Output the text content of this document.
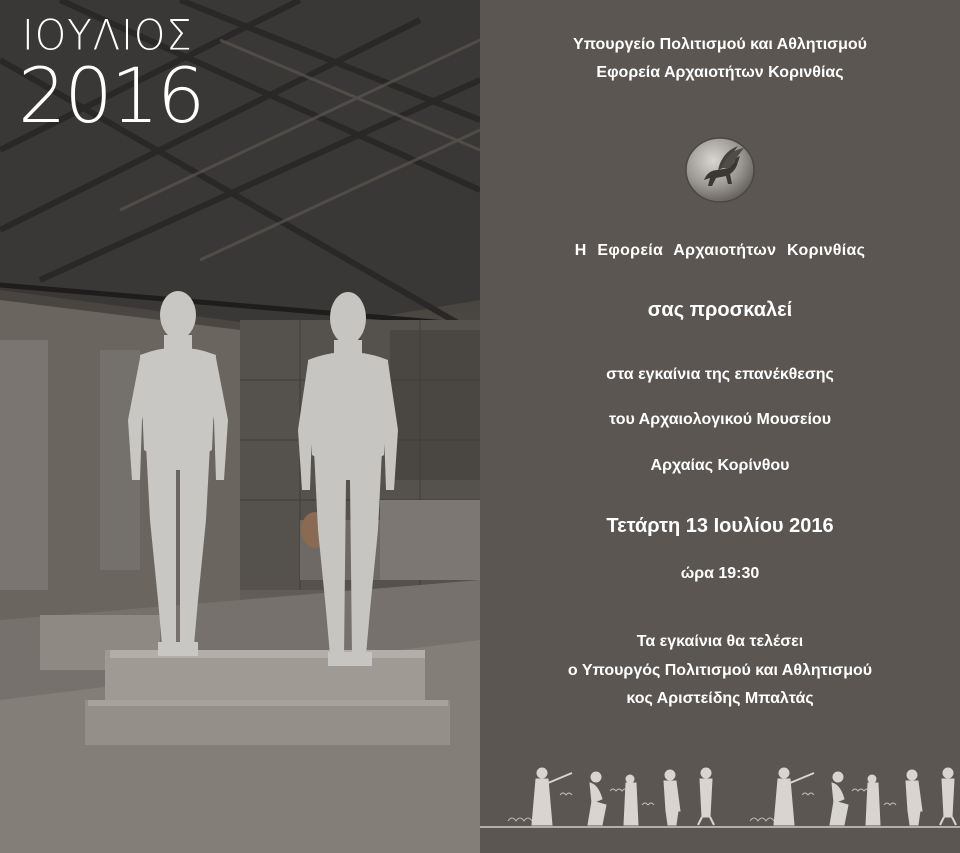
ΙΟΥΛΙΟΣ
2016
Υπουργείο Πολιτισμού και Αθλητισμού
Εφορεία Αρχαιοτήτων Κορινθίας
Η Εφορεία Αρχαιοτήτων Κορινθίας
σας προσκαλεί
στα εγκαίνια της επανέκθεσης
του Αρχαιολογικού Μουσείου
Αρχαίας Κορίνθου
Τετάρτη 13 Ιουλίου 2016
ώρα 19:30
Τα εγκαίνια θα τελέσει
ο Υπουργός Πολιτισμού και Αθλητισμού
κος Αριστείδης Μπαλτάς
